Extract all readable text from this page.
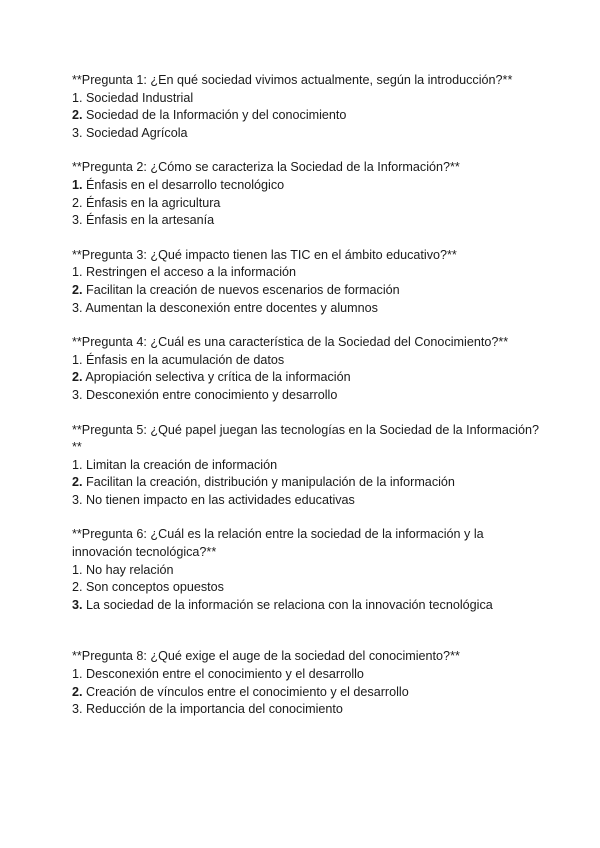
**Pregunta 1: ¿En qué sociedad vivimos actualmente, según la introducción?**

1. Sociedad Industrial

2. Sociedad de la Información y del conocimiento

3. Sociedad Agrícola

**Pregunta 2: ¿Cómo se caracteriza la Sociedad de la Información?**

1. Énfasis en el desarrollo tecnológico

2. Énfasis en la agricultura

3. Énfasis en la artesanía

**Pregunta 3: ¿Qué impacto tienen las TIC en el ámbito educativo?**

1. Restringen el acceso a la información

2. Facilitan la creación de nuevos escenarios de formación

3. Aumentan la desconexión entre docentes y alumnos

**Pregunta 4: ¿Cuál es una característica de la Sociedad del Conocimiento?**

1. Énfasis en la acumulación de datos

2. Apropiación selectiva y crítica de la información

3. Desconexión entre conocimiento y desarrollo

**Pregunta 5: ¿Qué papel juegan las tecnologías en la Sociedad de la Información?**

1. Limitan la creación de información

2. Facilitan la creación, distribución y manipulación de la información

3. No tienen impacto en las actividades educativas

**Pregunta 6: ¿Cuál es la relación entre la sociedad de la información y la innovación tecnológica?**

1. No hay relación

2. Son conceptos opuestos

3. La sociedad de la información se relaciona con la innovación tecnológica

**Pregunta 8: ¿Qué exige el auge de la sociedad del conocimiento?**

1. Desconexión entre el conocimiento y el desarrollo

2. Creación de vínculos entre el conocimiento y el desarrollo

3. Reducción de la importancia del conocimiento
